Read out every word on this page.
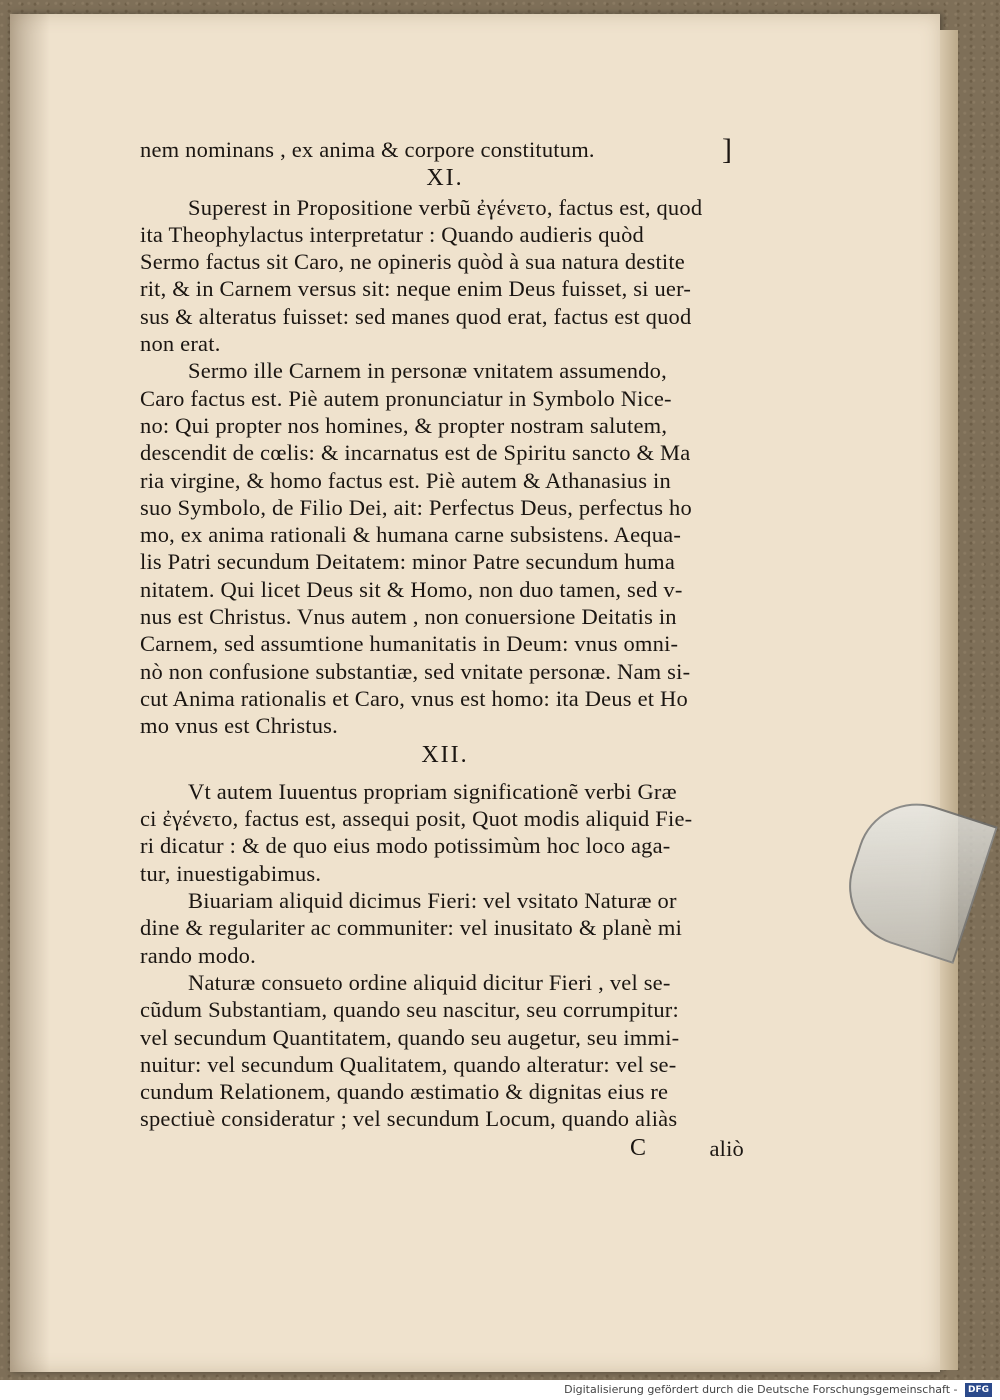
]
nem nominans , ex anima & corpore constitutum.
XI.
Superest in Propositione verbũ ἐγένετο, factus est, quod
ita Theophylactus interpretatur : Quando audieris quòd
Sermo factus sit Caro, ne opineris quòd à sua natura destite
rit, & in Carnem versus sit: neque enim Deus fuisset, si uer-
sus & alteratus fuisset: sed manes quod erat, factus est quod
non erat.
Sermo ille Carnem in personæ vnitatem assumendo,
Caro factus est. Piè autem pronunciatur in Symbolo Nice-
no: Qui propter nos homines, & propter nostram salutem,
descendit de cœlis: & incarnatus est de Spiritu sancto & Ma
ria virgine, & homo factus est. Piè autem & Athanasius in
suo Symbolo, de Filio Dei, ait: Perfectus Deus, perfectus ho
mo, ex anima rationali & humana carne subsistens. Aequa-
lis Patri secundum Deitatem: minor Patre secundum huma
nitatem. Qui licet Deus sit & Homo, non duo tamen, sed v-
nus est Christus. Vnus autem , non conuersione Deitatis in
Carnem, sed assumtione humanitatis in Deum: vnus omni-
nò non confusione substantiæ, sed vnitate personæ. Nam si-
cut Anima rationalis et Caro, vnus est homo: ita Deus et Ho
mo vnus est Christus.
XII.
Vt autem Iuuentus propriam significationẽ verbi Græ
ci ἐγένετο, factus est, assequi posit, Quot modis aliquid Fie-
ri dicatur : & de quo eius modo potissimùm hoc loco aga-
tur, inuestigabimus.
Biuariam aliquid dicimus Fieri: vel vsitato Naturæ or
dine & regulariter ac communiter: vel inusitato & planè mi
rando modo.
Naturæ consueto ordine aliquid dicitur Fieri , vel se-
cũdum Substantiam, quando seu nascitur, seu corrumpitur:
vel secundum Quantitatem, quando seu augetur, seu immi-
nuitur: vel secundum Qualitatem, quando alteratur: vel se-
cundum Relationem, quando æstimatio & dignitas eius re
spectiuè consideratur ; vel secundum Locum, quando aliàs
C	aliò
Digitalisierung gefördert durch die Deutsche Forschungsgemeinschaft - DFG
